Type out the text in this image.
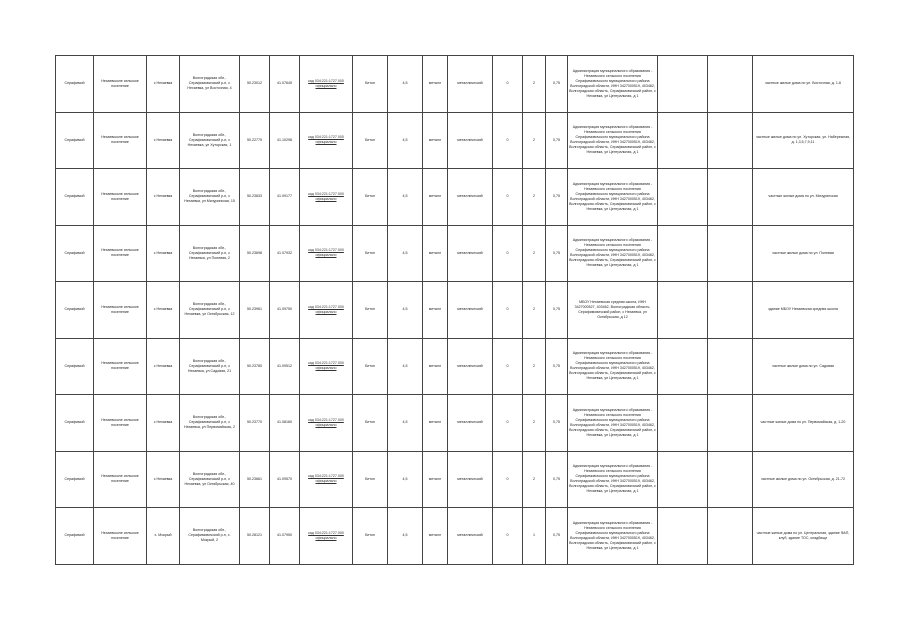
Серафимой	Нехаевсколе сельское поселение	с Нехаевка	Волгоградская обл., Серафимовичский р-н, с Нехаевка, ул Восточная, 4	50.23012	41.07645	кад 034:221:1727.000 официально	Бетон	4,5	металл	металлический	0	2	0,75	Администрация муниципального образования - Нехаевского сельского поселения Серафимовичского муниципального района Волгоградской области, ИНН 3427000519, 403462, Волгоградская область, Серафимовичский район, с Нехаевка, ул Центральная, д 1			частные жилые дома по ул. Восточная, д. 1-6
Серафимой	Нехаевсколе сельское поселение	с Нехаевка	Волгоградская обл., Серафимовичский р-н, с Нехаевка, ул Хуторская, 1	50.22775	41.10298	кад 034:221:1727.000 официально	Бетон	4,5	металл	металлический	0	2	0,75	Администрация муниципального образования - Нехаевского сельского поселения Серафимовичского муниципального района Волгоградской области, ИНН 3427000519, 403462, Волгоградская область, Серафимовичский район, с Нехаевка, ул Центральная, д 1			частные жилые дома по ул. Хуторская, ул. Набережная, д. 1,3,5,7,9,11
Серафимой	Нехаевсколе сельское поселение	с Нехаевка	Волгоградская обл., Серафимовичский р-н, с Нехаевка, ул Мичуринская, 15	50.23833	41.09177	кад 034:221:1727.000 официально	Бетон	4,5	металл	металлический	0	2	0,75	Администрация муниципального образования - Нехаевского сельского поселения Серафимовичского муниципального района Волгоградской области, ИНН 3427000519, 403462, Волгоградская область, Серафимовичский район, с Нехаевка, ул Центральная, д 1			частные жилые дома по ул. Мичуринская
Серафимой	Нехаевсколе сельское поселение	с Нехаевка	Волгоградская обл., Серафимовичский р-н, с Нехаевка, ул Полевая, 2	50.23698	41.07932	кад 034:221:1727.000 официально	Бетон	4,5	металл	металлический	0	2	0,75	Администрация муниципального образования - Нехаевского сельского поселения Серафимовичского муниципального района Волгоградской области, ИНН 3427000519, 403462, Волгоградская область, Серафимовичский район, с Нехаевка, ул Центральная, д 1			частные жилые дома по ул. Полевая
Серафимой	Нехаевсколе сельское поселение	с Нехаевка	Волгоградская обл., Серафимовичский р-н, с Нехаевка, ул Октябрьская, 12	50.23961	41.09750	кад 034:221:1727.000 официально	Бетон	4,5	металл	металлический	0	2	0,75	МБОУ Нехаевская средняя школа, ИНН 3427000527, 403462, Волгоградская область, Серафимовичский район, с Нехаевка, ул Октябрьская, д 12			здание МБОУ Нехаевская средняя школа
Серафимой	Нехаевсколе сельское поселение	с Нехаевка	Волгоградская обл., Серафимовичский р-н, с Нехаевка, ул Садовая, 21	50.23780	41.09512	кад 034:221:1727.000 официально	Бетон	4,5	металл	металлический	0	2	0,75	Администрация муниципального образования - Нехаевского сельского поселения Серафимовичского муниципального района Волгоградской области, ИНН 3427000519, 403462, Волгоградская область, Серафимовичский район, с Нехаевка, ул Центральная, д 1			частные жилые дома по ул. Садовая
Серафимой	Нехаевсколе сельское поселение	с Нехаевка	Волгоградская обл., Серафимовичский р-н, с Нехаевка, ул Первомайская, 2	50.23770	41.08160	кад 034:221:1727.000 официально	Бетон	4,5	металл	металлический	0	2	0,75	Администрация муниципального образования - Нехаевского сельского поселения Серафимовичского муниципального района Волгоградской области, ИНН 3427000519, 403462, Волгоградская область, Серафимовичский район, с Нехаевка, ул Центральная, д 1			частные жилые дома по ул. Первомайская, д. 1-20
Серафимой	Нехаевсколе сельское поселение	с Нехаевка	Волгоградская обл., Серафимовичский р-н, с Нехаевка, ул Октябрьская, 40	50.23661	41.09570	кад 034:221:1727.000 официально	Бетон	4,5	металл	металлический	0	2	0,75	Администрация муниципального образования - Нехаевского сельского поселения Серафимовичского муниципального района Волгоградской области, ИНН 3427000519, 403462, Волгоградская область, Серафимовичский район, с Нехаевка, ул Центральная, д 1			частные жилые дома по ул. Октябрьская, д. 21-72
Серафимой	Нехаевсколе сельское поселение	х. Мокрый	Волгоградская обл., Серафимовичский р-н, х. Мокрый, 2	50.28121	41.07950	кад 034:221:1727.000 официально	Бетон	4,5	металл	металлический	0	1	0,75	Администрация муниципального образования - Нехаевского сельского поселения Серафимовичского муниципального района Волгоградской области, ИНН 3427000519, 403462, Волгоградская область, Серафимовичский район, с Нехаевка, ул Центральная, д 1			частные жилые дома по ул. Центральная, здание ФАП, клуб, здание ТОС, кладбище
